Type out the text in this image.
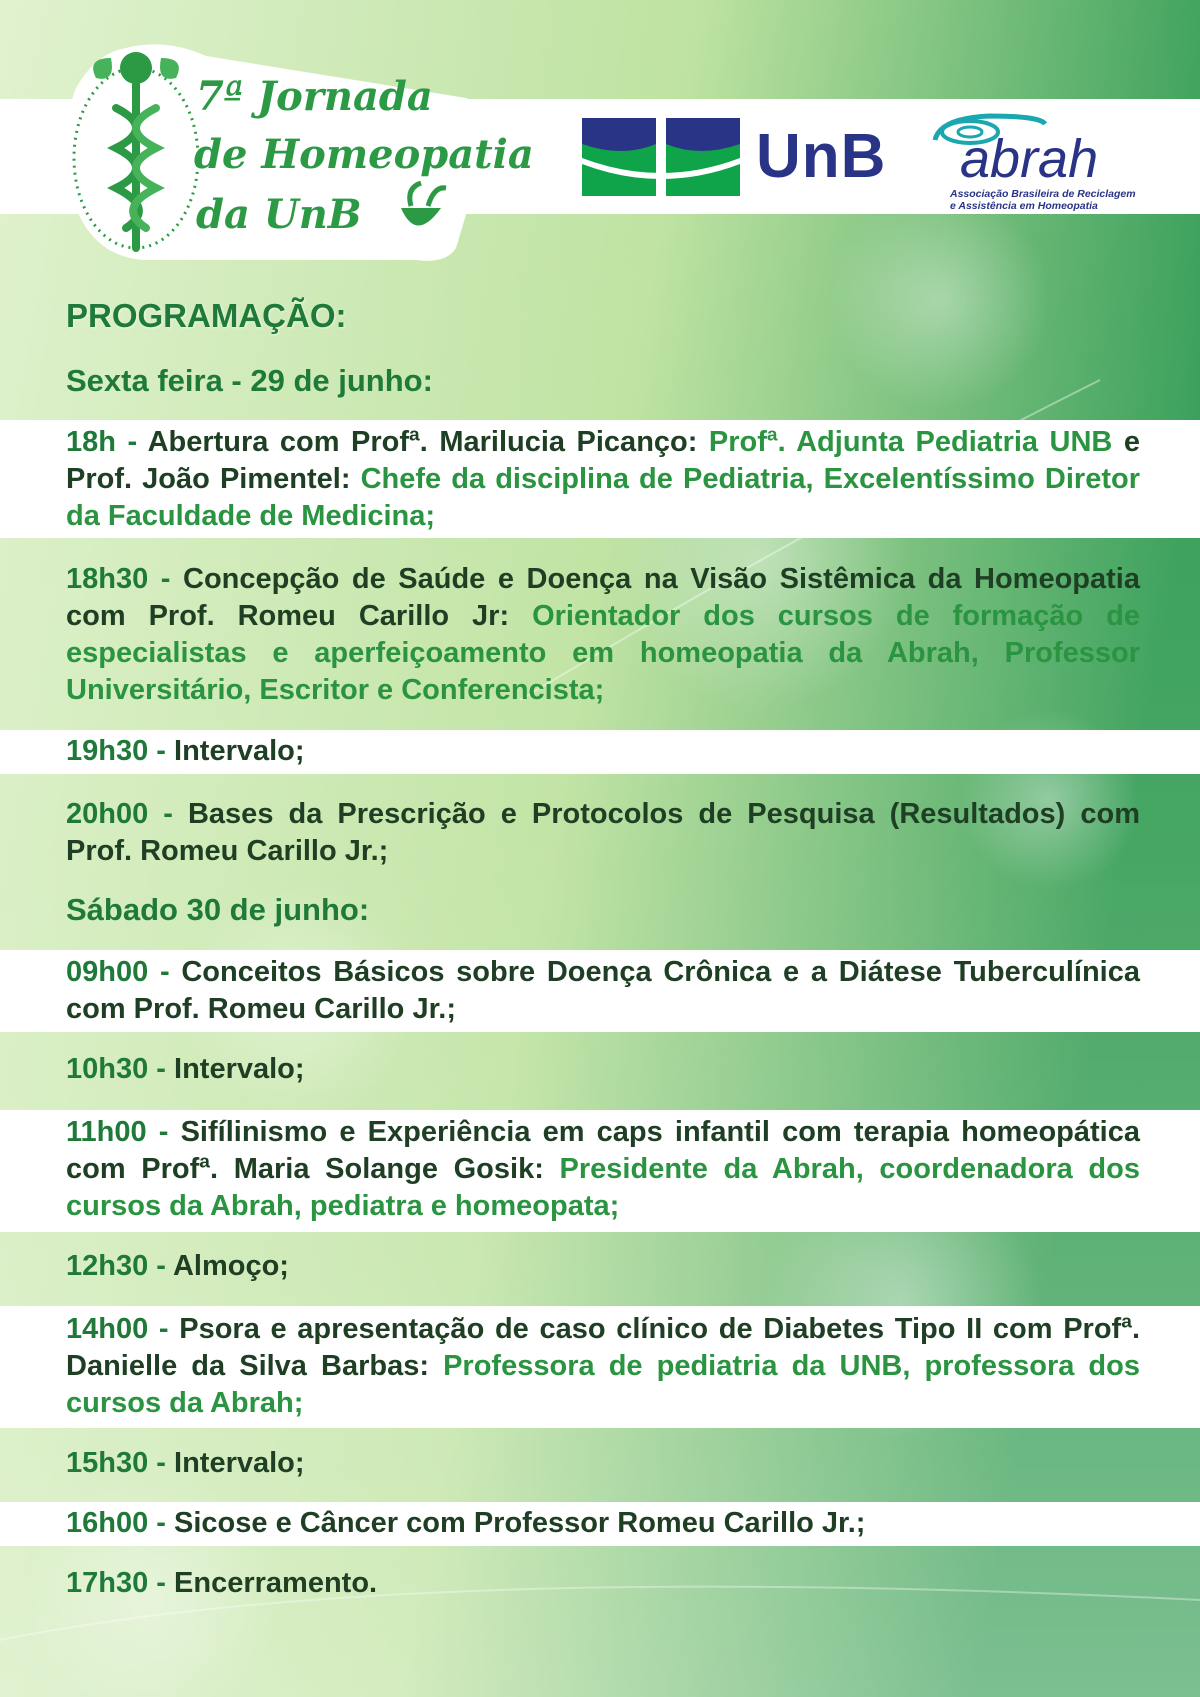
7ª Jornada
de Homeopatia
da UnB
UnB abrah
Associação Brasileira de Reciclagem
e Assistência em Homeopatia
PROGRAMAÇÃO:
Sexta feira - 29 de junho:
Sábado 30 de junho:
18h - Abertura com Profª. Marilucia Picanço: Profª. Adjunta Pediatria UNB e Prof. João Pimentel: Chefe da disciplina de Pediatria, Excelentíssimo Diretor da Faculdade de Medicina;
18h30 - Concepção de Saúde e Doença na Visão Sistêmica da Homeopatia com Prof. Romeu Carillo Jr: Orientador dos cursos de formação de especialistas e aperfeiçoamento em homeopatia da Abrah, Professor Universitário, Escritor e Conferencista;
19h30 - Intervalo;
20h00 - Bases da Prescrição e Protocolos de Pesquisa (Resultados) com Prof. Romeu Carillo Jr.;
09h00 - Conceitos Básicos sobre Doença Crônica e a Diátese Tuberculínica com Prof. Romeu Carillo Jr.;
10h30 - Intervalo;
11h00 - Sifílinismo e Experiência em caps infantil com terapia homeopática com Profª. Maria Solange Gosik: Presidente da Abrah, coordenadora dos cursos da Abrah, pediatra e homeopata;
12h30 - Almoço;
14h00 - Psora e apresentação de caso clínico de Diabetes Tipo II com Profª. Danielle da Silva Barbas: Professora de pediatria da UNB, professora dos cursos da Abrah;
15h30 - Intervalo;
16h00 - Sicose e Câncer com Professor Romeu Carillo Jr.;
17h30 - Encerramento.
